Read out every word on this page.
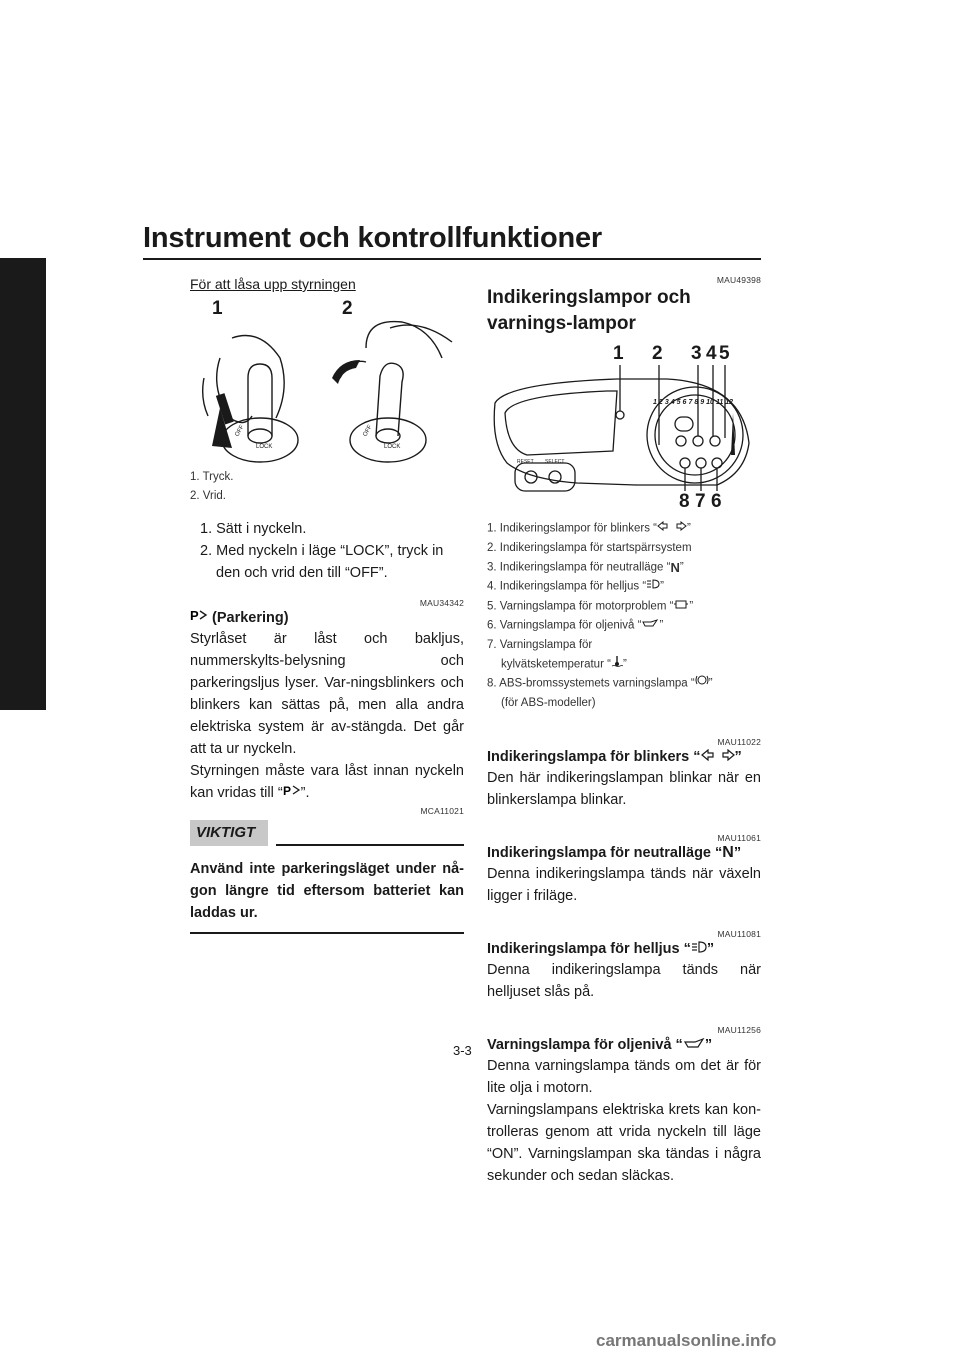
Instrument och kontrollfunktioner
3
För att låsa upp styrningen
1	2
LOCK
OFF
LOCK
OFF
1. Tryck.
2. Vrid.
1. Sätt i nyckeln.
2. Med nyckeln i läge “LOCK”, tryck in den och vrid den till “OFF”.
MAU34342
P (Parkering)
Styrlåset är låst och bakljus, nummerskylts-belysning och parkeringsljus lyser. Var-ningsblinkers och blinkers kan sättas på, men alla andra elektriska system är av-stängda. Det går att ta ur nyckeln.
Styrningen måste vara låst innan nyckeln kan vridas till “ P ”.
MCA11021
VIKTIGT
Använd inte parkeringsläget under nå-gon längre tid eftersom batteriet kan laddas ur.
MAU49398
Indikeringslampor och varnings-lampor
1 2 3 4 5
8 7 6
RESET SELECT
1 2 3 4 5 6 7 8 9 10 11 12
1. Indikeringslampor för blinkers “	”
2. Indikeringslampa för startspärrsystem
3. Indikeringslampa för neutralläge “N”
4. Indikeringslampa för helljus “ ”
5. Varningslampa för motorproblem “ ”
6. Varningslampa för oljenivå “ ”
7. Varningslampa för
kylvätsketemperatur “ ”
8. ABS-bromssystemets varningslampa “ ”
(för ABS-modeller)
MAU11022
Indikeringslampa för blinkers “ ”
Den här indikeringslampan blinkar när en blinkerslampa blinkar.
MAU11061
Indikeringslampa för neutralläge “N”
Denna indikeringslampa tänds när växeln ligger i friläge.
MAU11081
Indikeringslampa för helljus “ ”
Denna indikeringslampa tänds när helljuset slås på.
MAU11256
Varningslampa för oljenivå “ ”
Denna varningslampa tänds om det är för lite olja i motorn.
Varningslampans elektriska krets kan kon-trolleras genom att vrida nyckeln till läge “ON”. Varningslampan ska tändas i några sekunder och sedan släckas.
3-3
carmanualsonline.info
